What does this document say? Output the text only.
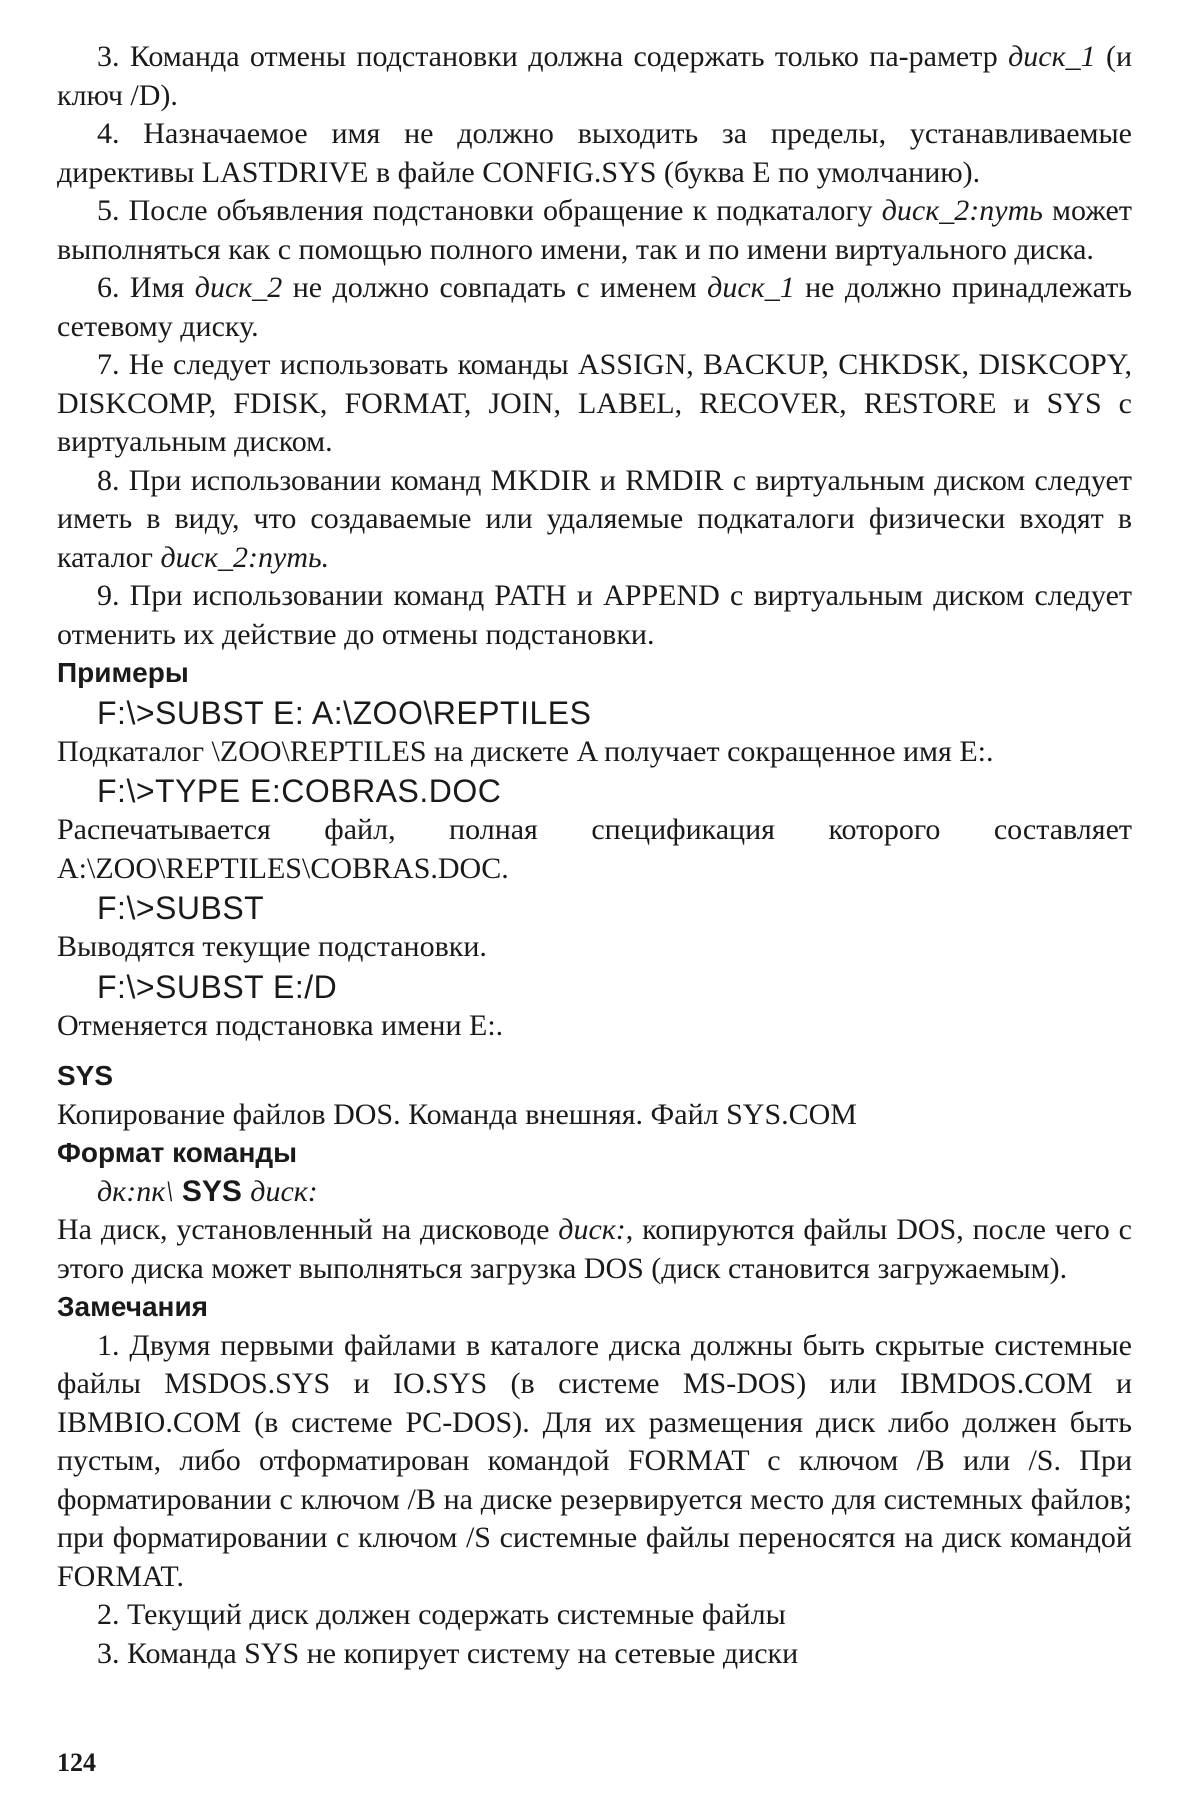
3. Команда отмены подстановки должна содержать только па-раметр диск_1 (и ключ /D).

4. Назначаемое имя не должно выходить за пределы, устанавливаемые директивы LASTDRIVE в файле CONFIG.SYS (буква E по умолчанию).

5. После объявления подстановки обращение к подкаталогу диск_2:путь может выполняться как с помощью полного имени, так и по имени виртуального диска.

6. Имя диск_2 не должно совпадать с именем диск_1 не должно принадлежать сетевому диску.

7. Не следует использовать команды ASSIGN, BACKUP, CHKDSK, DISKCOPY, DISKCOMP, FDISK, FORMAT, JOIN, LABEL, RECOVER, RESTORE и SYS с виртуальным диском.

8. При использовании команд MKDIR и RMDIR с виртуальным диском следует иметь в виду, что создаваемые или удаляемые подкаталоги физически входят в каталог диск_2:путь.

9. При использовании команд PATH и APPEND с виртуальным диском следует отменить их действие до отмены подстановки.

Примеры

F:\>SUBST E: A:\ZOO\REPTILES

Подкаталог \ZOO\REPTILES на дискете A получает сокращенное имя E:.

F:\>TYPE E:COBRAS.DOC

Распечатывается файл, полная спецификация которого составляет A:\ZOO\REPTILES\COBRAS.DOC.

F:\>SUBST

Выводятся текущие подстановки.

F:\>SUBST E:/D

Отменяется подстановка имени E:.

SYS

Копирование файлов DOS. Команда внешняя. Файл SYS.COM

Формат команды

дк:пк\ SYS диск:

На диск, установленный на дисководе диск:, копируются файлы DOS, после чего с этого диска может выполняться загрузка DOS (диск становится загружаемым).

Замечания

1. Двумя первыми файлами в каталоге диска должны быть скрытые системные файлы MSDOS.SYS и IO.SYS (в системе MS-DOS) или IBMDOS.COM и IBMBIO.COM (в системе PC-DOS). Для их размещения диск либо должен быть пустым, либо отформатирован командой FORMAT с ключом /B или /S. При форматировании с ключом /B на диске резервируется место для системных файлов; при форматировании с ключом /S системные файлы переносятся на диск командой FORMAT.

2. Текущий диск должен содержать системные файлы

3. Команда SYS не копирует систему на сетевые диски

124
